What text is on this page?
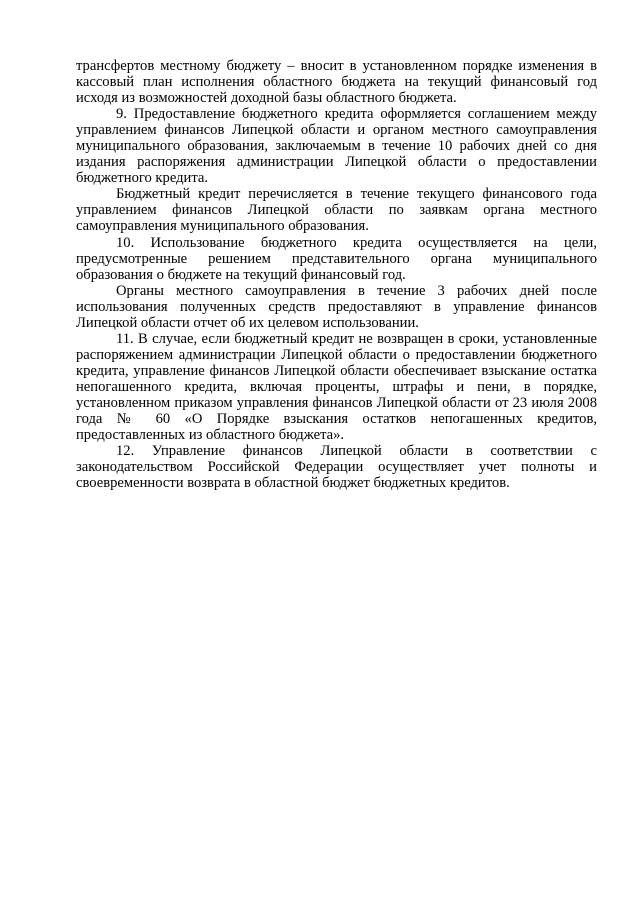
трансфертов местному бюджету – вносит в установленном порядке изменения в кассовый план исполнения областного бюджета на текущий финансовый год исходя из возможностей доходной базы областного бюджета.

9. Предоставление бюджетного кредита оформляется соглашением между управлением финансов Липецкой области и органом местного самоуправления муниципального образования, заключаемым в течение 10 рабочих дней со дня издания распоряжения администрации Липецкой области о предоставлении бюджетного кредита.

Бюджетный кредит перечисляется в течение текущего финансового года управлением финансов Липецкой области по заявкам органа местного самоуправления муниципального образования.

10. Использование бюджетного кредита осуществляется на цели, предусмотренные решением представительного органа муниципального образования о бюджете на текущий финансовый год.

Органы местного самоуправления в течение 3 рабочих дней после использования полученных средств предоставляют в управление финансов Липецкой области отчет об их целевом использовании.

11. В случае, если бюджетный кредит не возвращен в сроки, установленные распоряжением администрации Липецкой области о предоставлении бюджетного кредита, управление финансов Липецкой области обеспечивает взыскание остатка непогашенного кредита, включая проценты, штрафы и пени, в порядке, установленном приказом управления финансов Липецкой области от 23 июля 2008 года № 60 «О Порядке взыскания остатков непогашенных кредитов, предоставленных из областного бюджета».

12. Управление финансов Липецкой области в соответствии с законодательством Российской Федерации осуществляет учет полноты и своевременности возврата в областной бюджет бюджетных кредитов.
